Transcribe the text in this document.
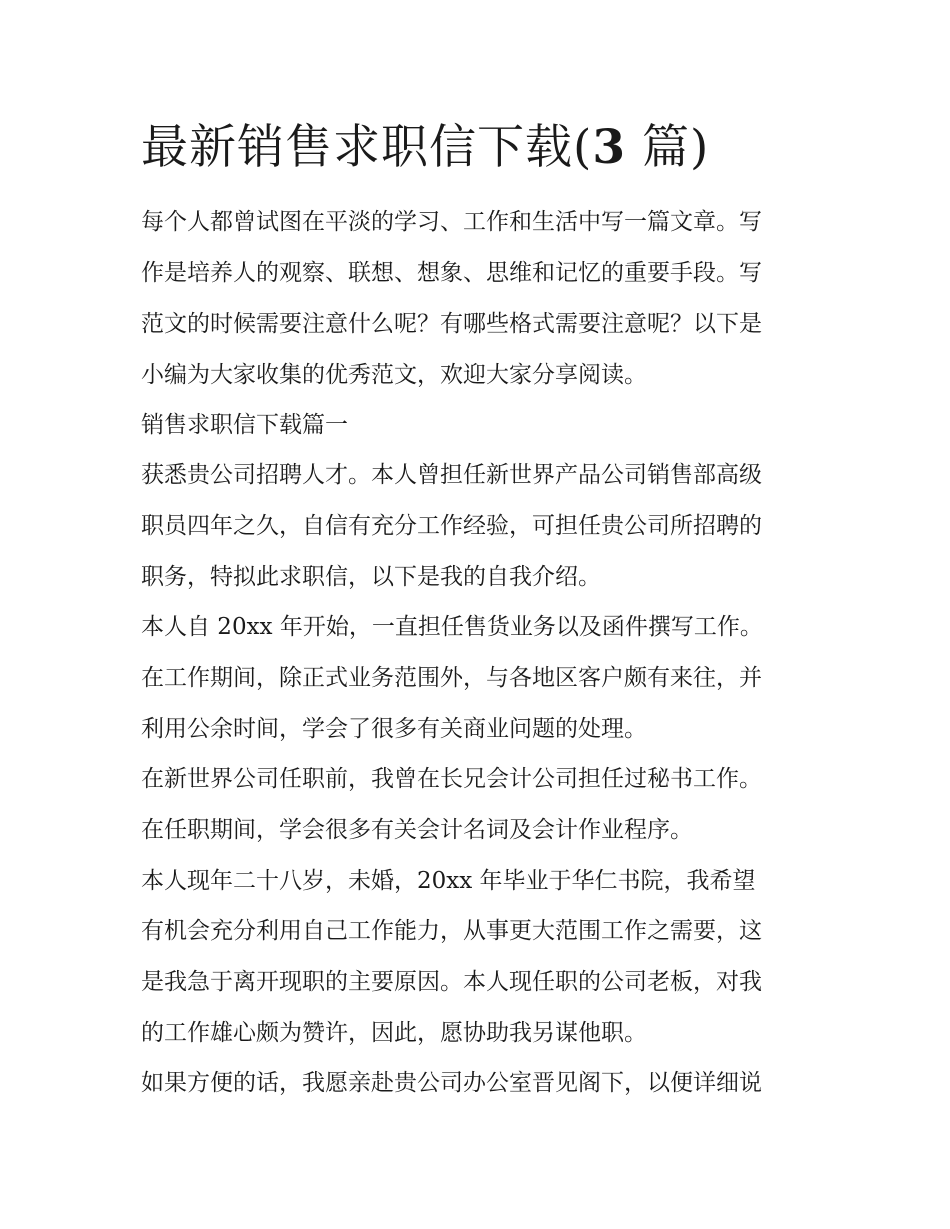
最新销售求职信下载(3 篇)

每个人都曾试图在平淡的学习、工作和生活中写一篇文章。写

作是培养人的观察、联想、想象、思维和记忆的重要手段。写

范文的时候需要注意什么呢？有哪些格式需要注意呢？以下是

小编为大家收集的优秀范文，欢迎大家分享阅读。

销售求职信下载篇一

获悉贵公司招聘人才。本人曾担任新世界产品公司销售部高级

职员四年之久，自信有充分工作经验，可担任贵公司所招聘的

职务，特拟此求职信，以下是我的自我介绍。

本人自 20xx 年开始，一直担任售货业务以及函件撰写工作。

在工作期间，除正式业务范围外，与各地区客户颇有来往，并

利用公余时间，学会了很多有关商业问题的处理。

在新世界公司任职前，我曾在长兄会计公司担任过秘书工作。

在任职期间，学会很多有关会计名词及会计作业程序。

本人现年二十八岁，未婚，20xx 年毕业于华仁书院，我希望

有机会充分利用自己工作能力，从事更大范围工作之需要，这

是我急于离开现职的主要原因。本人现任职的公司老板，对我

的工作雄心颇为赞许，因此，愿协助我另谋他职。

如果方便的话，我愿亲赴贵公司办公室晋见阁下，以便详细说
